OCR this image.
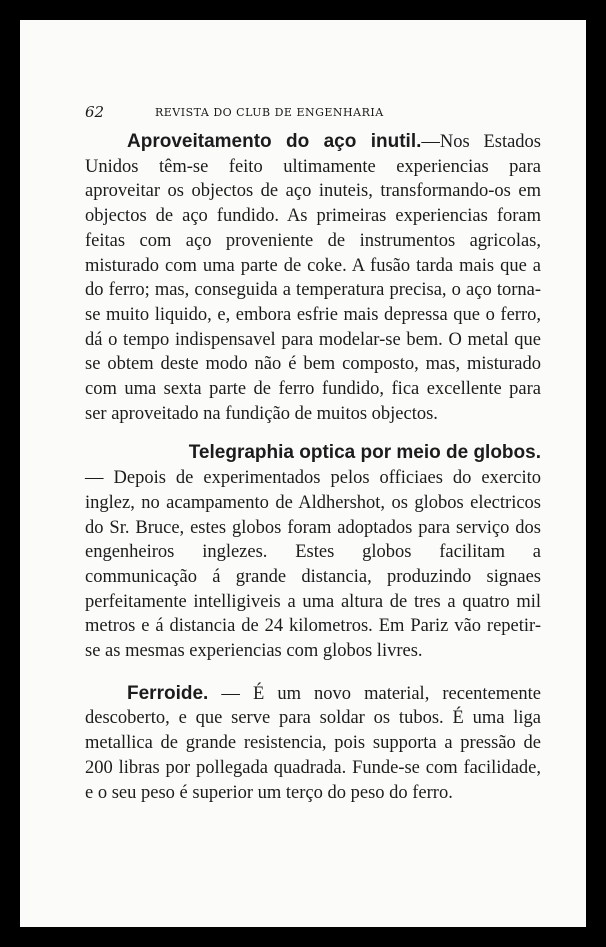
62	REVISTA DO CLUB DE ENGENHARIA

Aproveitamento do aço inutil.—Nos Estados Unidos têm-se feito ultimamente experiencias para aproveitar os objectos de aço inuteis, transformando-os em objectos de aço fundido. As primeiras experiencias foram feitas com aço proveniente de instrumentos agricolas, misturado com uma parte de coke. A fusão tarda mais que a do ferro; mas, conseguida a temperatura precisa, o aço torna-se muito liquido, e, embora esfrie mais depressa que o ferro, dá o tempo indispensavel para modelar-se bem. O metal que se obtem deste modo não é bem composto, mas, misturado com uma sexta parte de ferro fundido, fica excellente para ser aproveitado na fundição de muitos objectos.

Telegraphia optica por meio de globos.
— Depois de experimentados pelos officiaes do exercito inglez, no acampamento de Aldhershot, os globos electricos do Sr. Bruce, estes globos foram adoptados para serviço dos engenheiros inglezes. Estes globos facilitam a communicação á grande distancia, produzindo signaes perfeitamente intelligiveis a uma altura de tres a quatro mil metros e á distancia de 24 kilometros. Em Pariz vão repetir-se as mesmas experiencias com globos livres.

Ferroide. — É um novo material, recentemente descoberto, e que serve para soldar os tubos. É uma liga metallica de grande resistencia, pois supporta a pressão de 200 libras por pollegada quadrada. Funde-se com facilidade, e o seu peso é superior um terço do peso do ferro.
